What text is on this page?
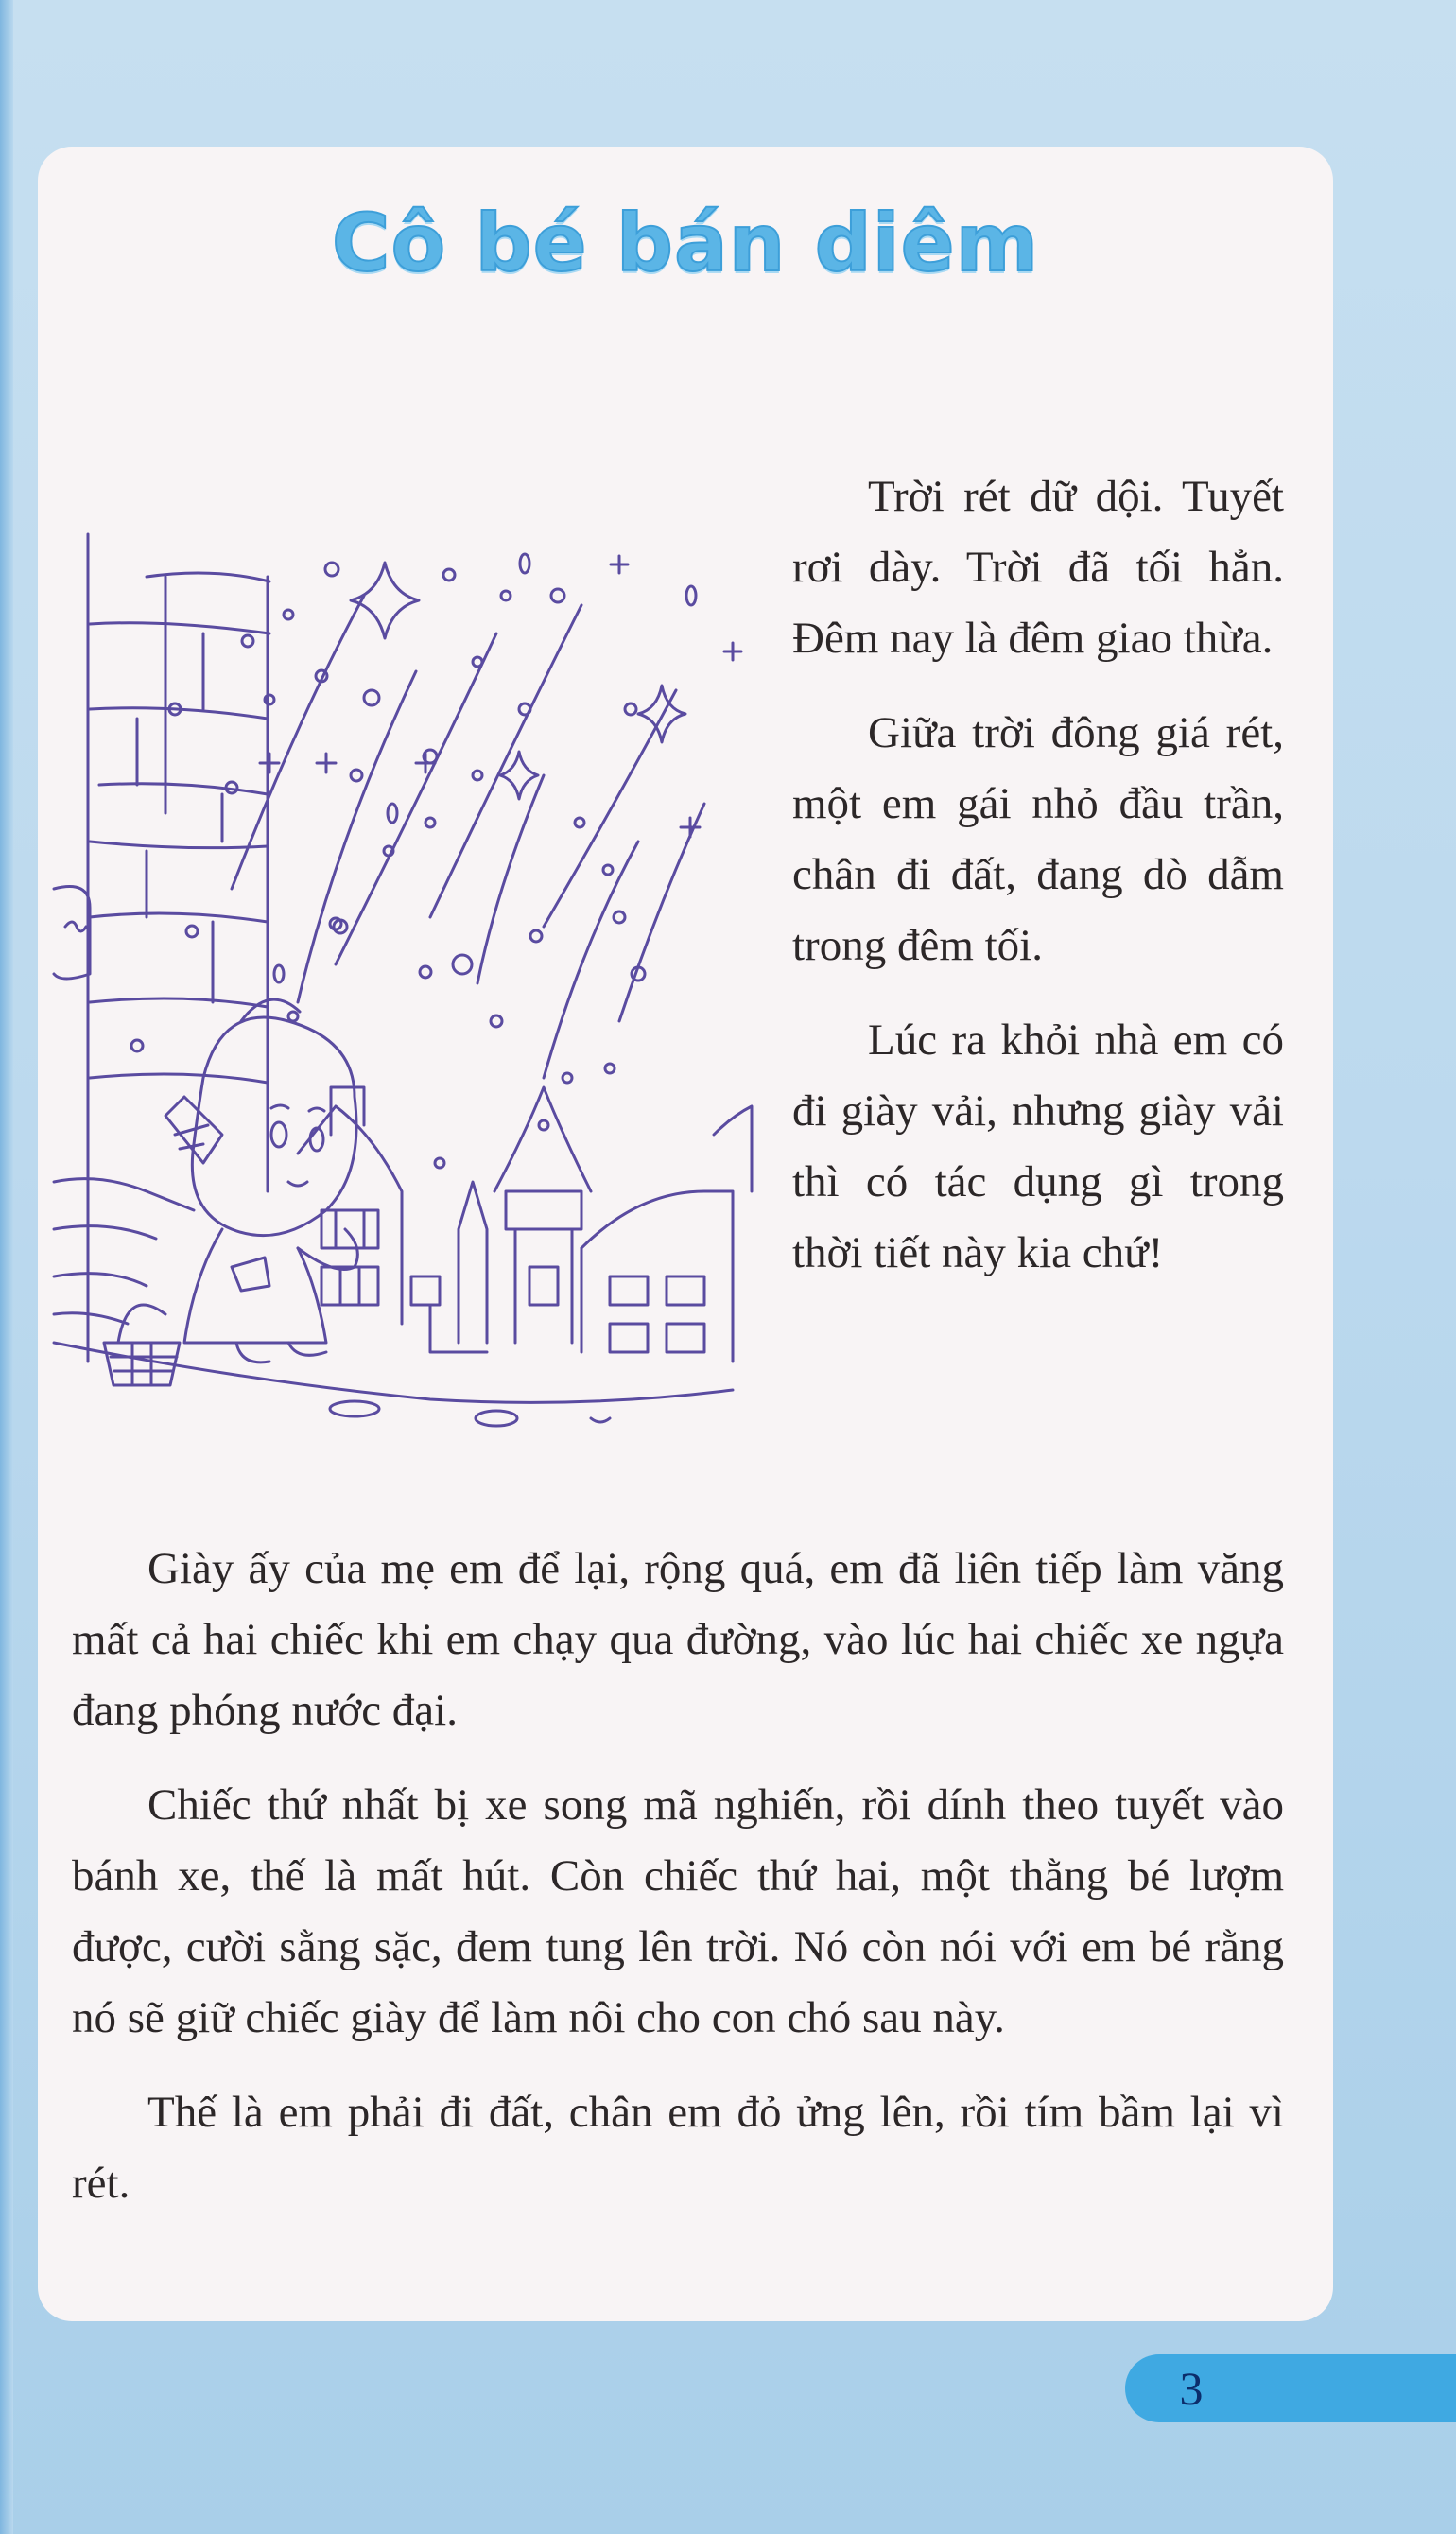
Cô bé bán diêm

Trời rét dữ dội. Tuyết rơi dày. Trời đã tối hẳn. Đêm nay là đêm giao thừa.

Giữa trời đông giá rét, một em gái nhỏ đầu trần, chân đi đất, đang dò dẫm trong đêm tối.

Lúc ra khỏi nhà em có đi giày vải, nhưng giày vải thì có tác dụng gì trong thời tiết này kia chứ!

Giày ấy của mẹ em để lại, rộng quá, em đã liên tiếp làm văng mất cả hai chiếc khi em chạy qua đường, vào lúc hai chiếc xe ngựa đang phóng nước đại.

Chiếc thứ nhất bị xe song mã nghiến, rồi dính theo tuyết vào bánh xe, thế là mất hút. Còn chiếc thứ hai, một thằng bé lượm được, cười sằng sặc, đem tung lên trời. Nó còn nói với em bé rằng nó sẽ giữ chiếc giày để làm nôi cho con chó sau này.

Thế là em phải đi đất, chân em đỏ ửng lên, rồi tím bầm lại vì rét.

3
